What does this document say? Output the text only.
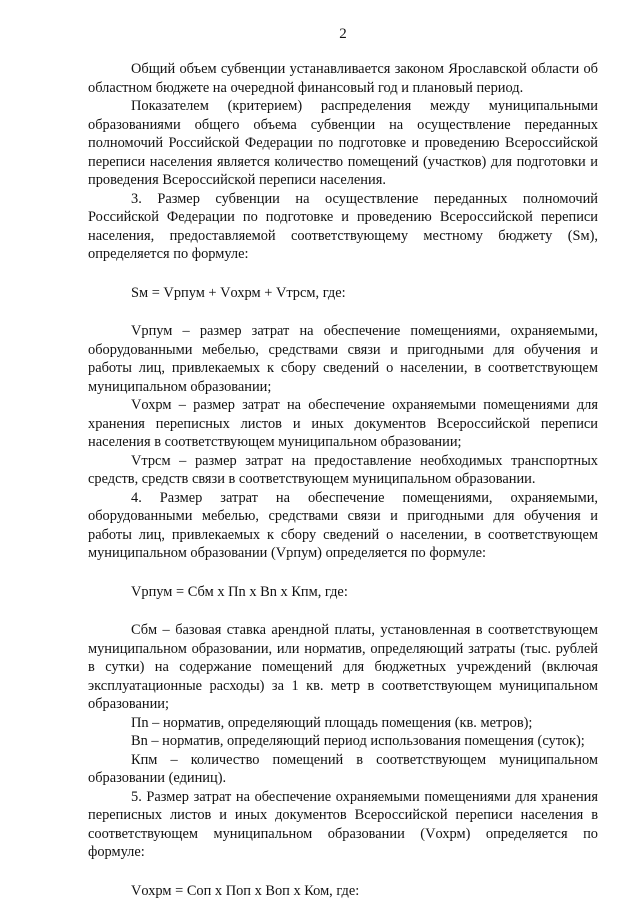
2

Общий объем субвенции устанавливается законом Ярославской области об областном бюджете на очередной финансовый год и плановый период.

Показателем (критерием) распределения между муниципальными образованиями общего объема субвенции на осуществление переданных полномочий Российской Федерации по подготовке и проведению Всероссийской переписи населения является количество помещений (участков) для подготовки и проведения Всероссийской переписи населения.

3. Размер субвенции на осуществление переданных полномочий Российской Федерации по подготовке и проведению Всероссийской переписи населения, предоставляемой соответствующему местному бюджету (Sм), определяется по формуле:

Sм = Vрпум + Vохрм + Vтрсм, где:

Vрпум – размер затрат на обеспечение помещениями, охраняемыми, оборудованными мебелью, средствами связи и пригодными для обучения и работы лиц, привлекаемых к сбору сведений о населении, в соответствующем муниципальном образовании;

Vохрм – размер затрат на обеспечение охраняемыми помещениями для хранения переписных листов и иных документов Всероссийской переписи населения в соответствующем муниципальном образовании;

Vтрсм – размер затрат на предоставление необходимых транспортных средств, средств связи в соответствующем муниципальном образовании.

4. Размер затрат на обеспечение помещениями, охраняемыми, оборудованными мебелью, средствами связи и пригодными для обучения и работы лиц, привлекаемых к сбору сведений о населении, в соответствующем муниципальном образовании (Vрпум) определяется по формуле:

Vрпум = Сбм х Пn х Вn х Кпм, где:

Сбм – базовая ставка арендной платы, установленная в соответствующем муниципальном образовании, или норматив, определяющий затраты (тыс. рублей в сутки) на содержание помещений для бюджетных учреждений (включая эксплуатационные расходы) за 1 кв. метр в соответствующем муниципальном образовании;

Пn – норматив, определяющий площадь помещения (кв. метров);

Вn – норматив, определяющий период использования помещения (суток);

Кпм – количество помещений в соответствующем муниципальном образовании (единиц).

5. Размер затрат на обеспечение охраняемыми помещениями для хранения переписных листов и иных документов Всероссийской переписи населения в соответствующем муниципальном образовании (Vохрм) определяется по формуле:

Vохрм = Соп х Поп х Воп х Ком, где:
